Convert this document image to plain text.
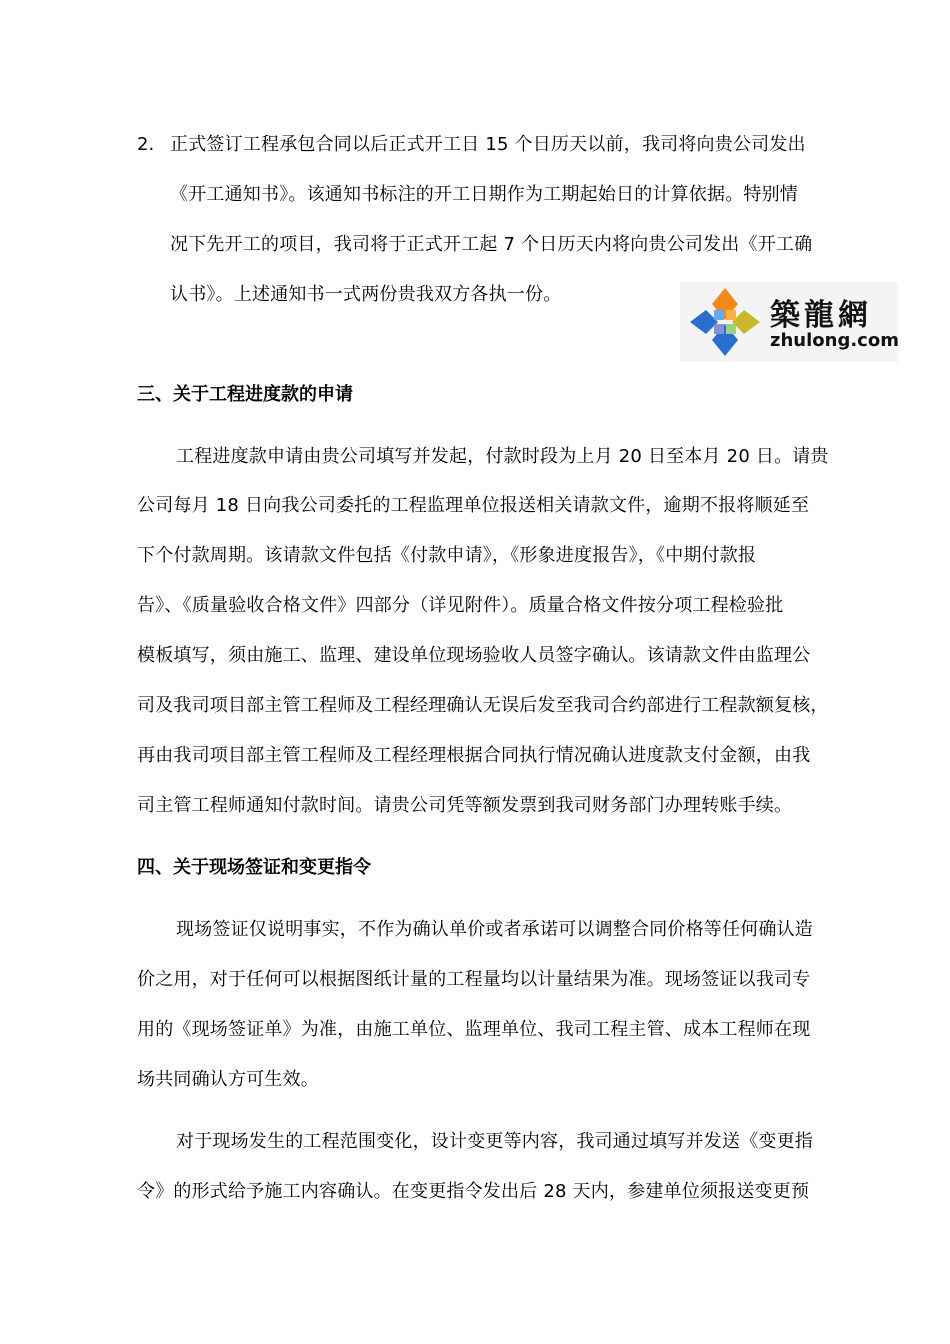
2. 正式签订工程承包合同以后正式开工日 15 个日历天以前，我司将向贵公司发出
《开工通知书》。该通知书标注的开工日期作为工期起始日的计算依据。特别情
况下先开工的项目，我司将于正式开工起 7 个日历天内将向贵公司发出《开工确
认书》。上述通知书一式两份贵我双方各执一份。
築龍網
zhulong.com
三、关于工程进度款的申请
工程进度款申请由贵公司填写并发起，付款时段为上月 20 日至本月 20 日。请贵
公司每月 18 日向我公司委托的工程监理单位报送相关请款文件，逾期不报将顺延至
下个付款周期。该请款文件包括《付款申请》，《形象进度报告》，《中期付款报
告》、《质量验收合格文件》四部分（详见附件）。质量合格文件按分项工程检验批
模板填写，须由施工、监理、建设单位现场验收人员签字确认。该请款文件由监理公
司及我司项目部主管工程师及工程经理确认无误后发至我司合约部进行工程款额复核，
再由我司项目部主管工程师及工程经理根据合同执行情况确认进度款支付金额，由我
司主管工程师通知付款时间。请贵公司凭等额发票到我司财务部门办理转账手续。
四、关于现场签证和变更指令
现场签证仅说明事实，不作为确认单价或者承诺可以调整合同价格等任何确认造
价之用，对于任何可以根据图纸计量的工程量均以计量结果为准。现场签证以我司专
用的《现场签证单》为准，由施工单位、监理单位、我司工程主管、成本工程师在现
场共同确认方可生效。
对于现场发生的工程范围变化，设计变更等内容，我司通过填写并发送《变更指
令》的形式给予施工内容确认。在变更指令发出后 28 天内，参建单位须报送变更预
